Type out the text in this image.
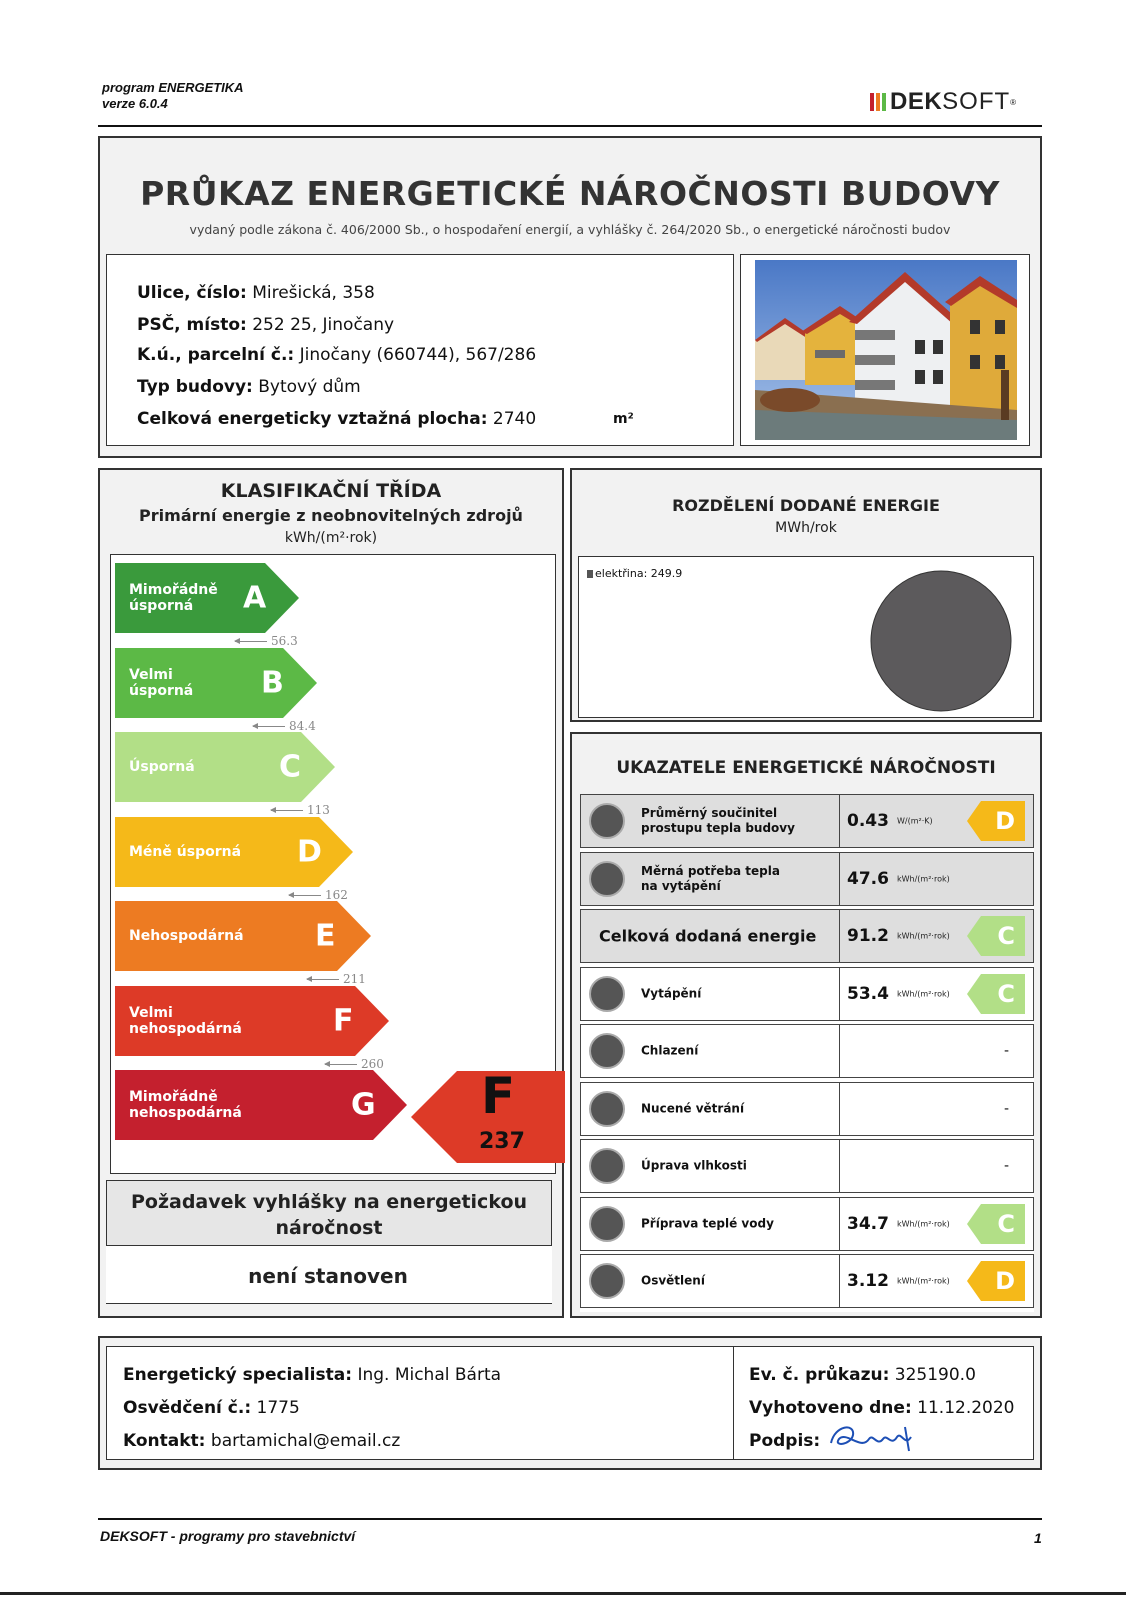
program ENERGETIKA
verze 6.0.4	DEK SOFT ®
PRŮKAZ ENERGETICKÉ NÁROČNOSTI BUDOVY
vydaný podle zákona č. 406/2000 Sb., o hospodaření energií, a vyhlášky č. 264/2020 Sb., o energetické náročnosti budov
Ulice, číslo: Mirešická, 358
PSČ, místo: 252 25, Jinočany
K.ú., parcelní č.: Jinočany (660744), 567/286
Typ budovy: Bytový dům
Celková energeticky vztažná plocha: 2740	m²
KLASIFIKAČNÍ TŘÍDA
Primární energie z neobnovitelných zdrojů
kWh/(m²·rok)
Mimořádně
úsporná	A
56.3
Velmi
úsporná B
84.4
Úsporná	C
113
Méně úsporná D
162
Nehospodárná E
211
Velmi
nehospodárná	F
260
Mimořádně
nehospodárná	G F
237
Požadavek vyhlášky na energetickou
náročnost
není stanoven
ROZDĚLENÍ DODANÉ ENERGIE
MWh/rok
elektřina: 249.9
UKAZATELE ENERGETICKÉ NÁROČNOSTI
Průměrný součinitel
prostupu tepla budovy	0.43 W/(m²·K)	D
Měrná potřeba tepla
na vytápění	47.6 kWh/(m²·rok)
Celková dodaná energie 91.2 kWh/(m²·rok) C
Vytápění	53.4 kWh/(m²·rok) C
Chlazení	-
Nucené větrání	-
Úprava vlhkosti	-
Příprava teplé vody	34.7 kWh/(m²·rok) C
Osvětlení	3.12 kWh/(m²·rok) D
Energetický specialista: Ing. Michal Bárta
Osvědčení č.: 1775
Kontakt: bartamichal@email.cz
Ev. č. průkazu: 325190.0
Vyhotoveno dne: 11.12.2020
Podpis:
DEKSOFT - programy pro stavebnictví	1
